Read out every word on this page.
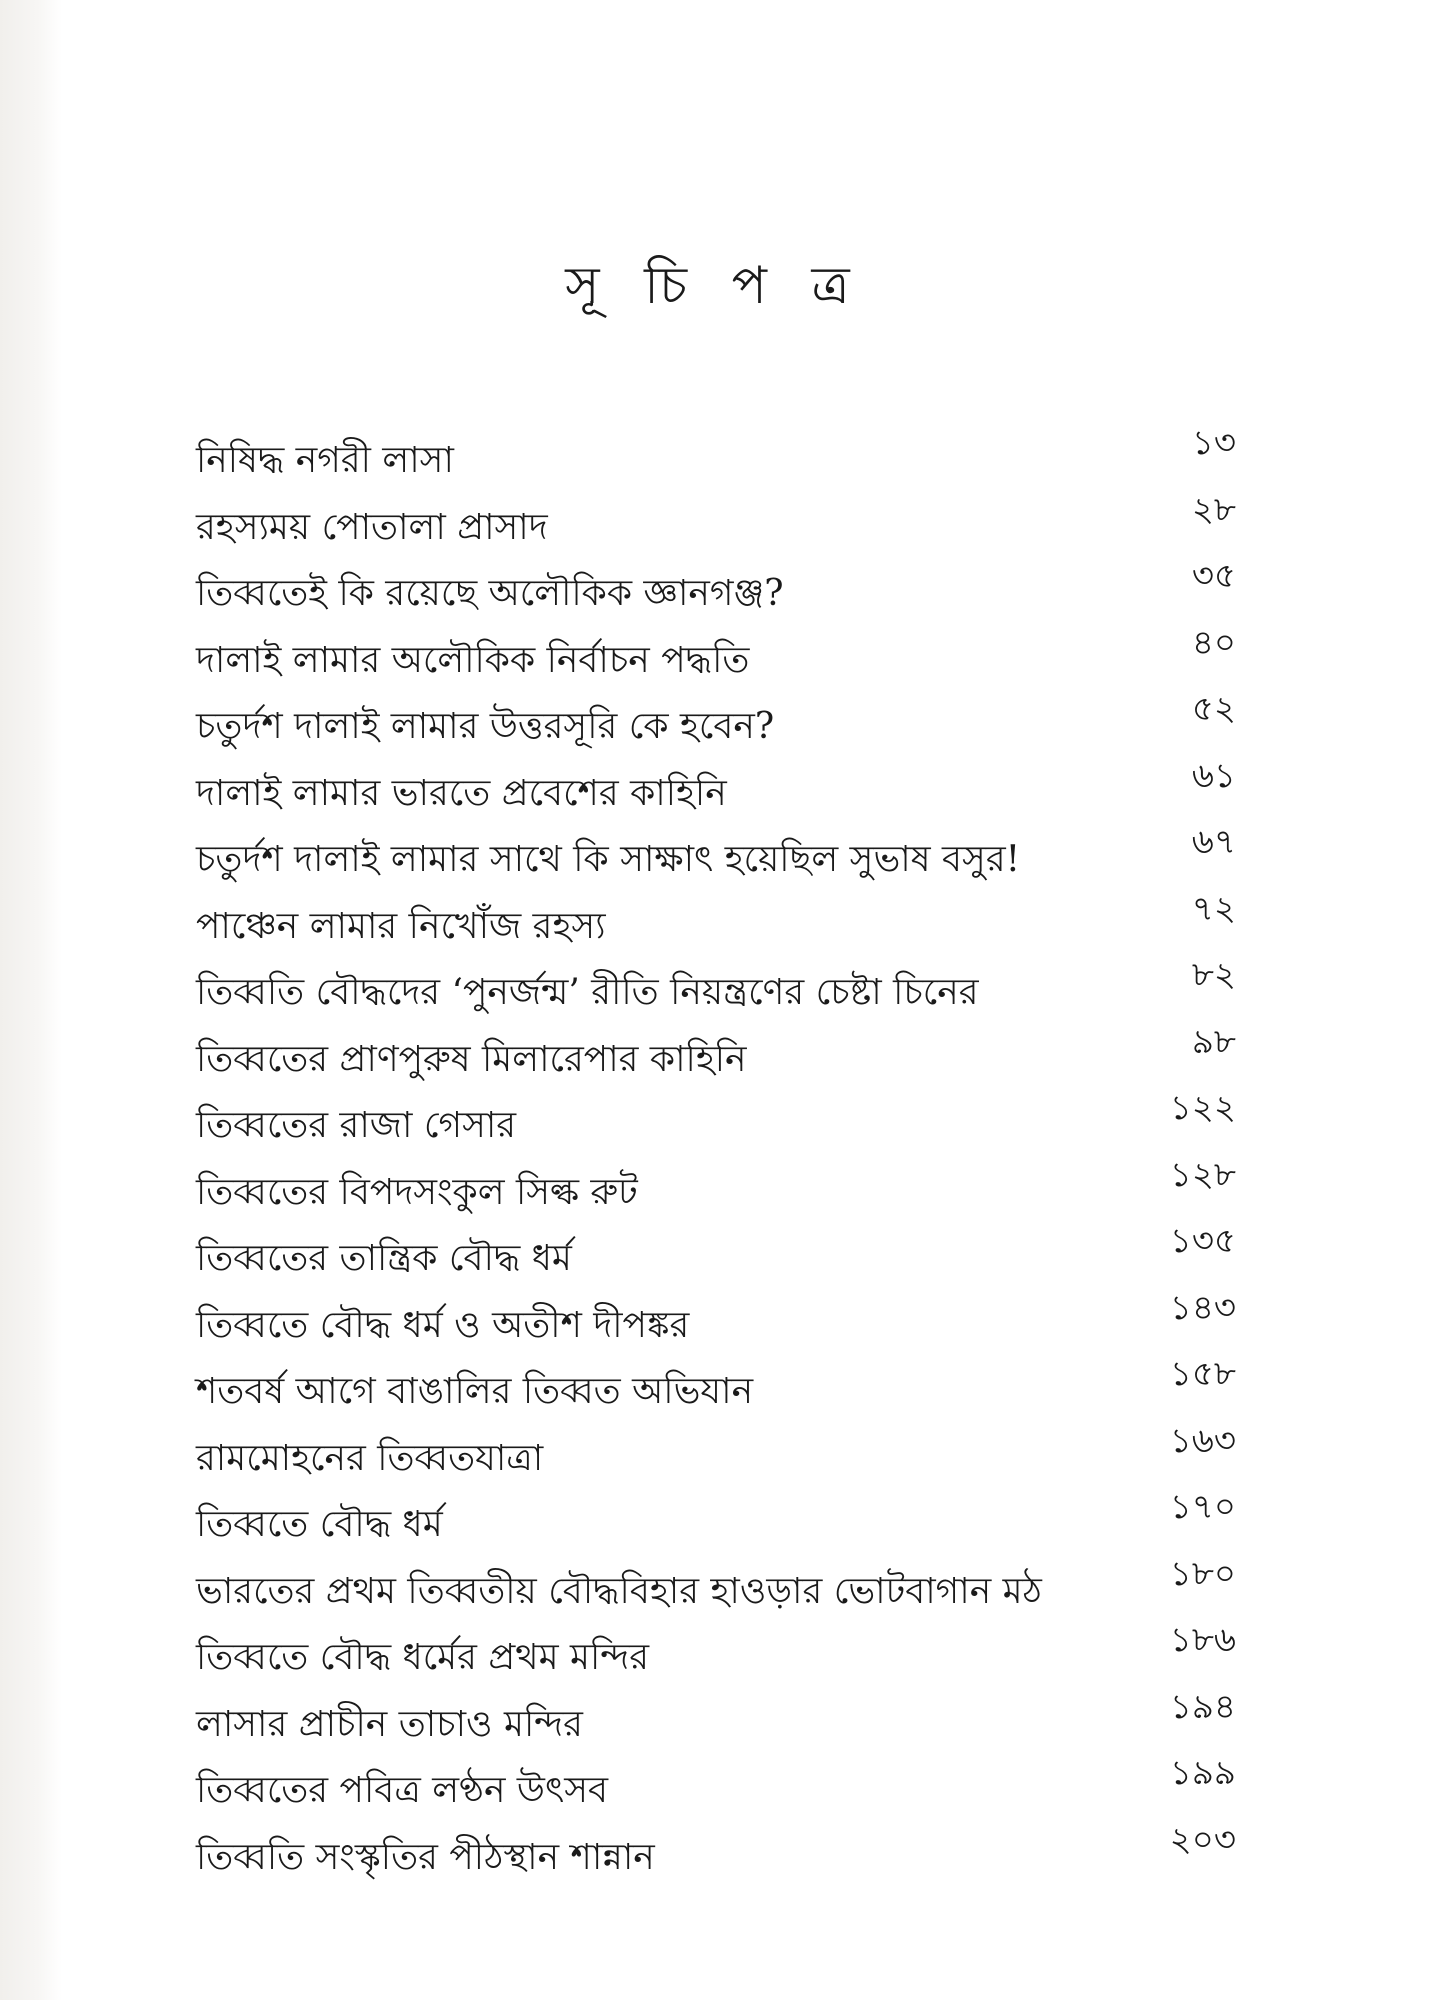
সূ চি প ত্র
নিষিদ্ধ নগরী লাসা	১৩
রহস্যময় পোতালা প্রাসাদ	২৮
তিব্বতেই কি রয়েছে অলৌকিক জ্ঞানগঞ্জ?	৩৫
দালাই লামার অলৌকিক নির্বাচন পদ্ধতি	৪০
চতুর্দশ দালাই লামার উত্তরসূরি কে হবেন?	৫২
দালাই লামার ভারতে প্রবেশের কাহিনি	৬১
চতুর্দশ দালাই লামার সাথে কি সাক্ষাৎ হয়েছিল সুভাষ বসুর!	৬৭
পাঞ্চেন লামার নিখোঁজ রহস্য	৭২
তিব্বতি বৌদ্ধদের ‘পুনর্জন্ম’ রীতি নিয়ন্ত্রণের চেষ্টা চিনের	৮২
তিব্বতের প্রাণপুরুষ মিলারেপার কাহিনি	৯৮
তিব্বতের রাজা গেসার	১২২
তিব্বতের বিপদসংকুল সিল্ক রুট	১২৮
তিব্বতের তান্ত্রিক বৌদ্ধ ধর্ম	১৩৫
তিব্বতে বৌদ্ধ ধর্ম ও অতীশ দীপঙ্কর	১৪৩
শতবর্ষ আগে বাঙালির তিব্বত অভিযান	১৫৮
রামমোহনের তিব্বতযাত্রা	১৬৩
তিব্বতে বৌদ্ধ ধর্ম	১৭০
ভারতের প্রথম তিব্বতীয় বৌদ্ধবিহার হাওড়ার ভোটবাগান মঠ	১৮০
তিব্বতে বৌদ্ধ ধর্মের প্রথম মন্দির	১৮৬
লাসার প্রাচীন তাচাও মন্দির	১৯৪
তিব্বতের পবিত্র লণ্ঠন উৎসব	১৯৯
তিব্বতি সংস্কৃতির পীঠস্থান শান্নান	২০৩
